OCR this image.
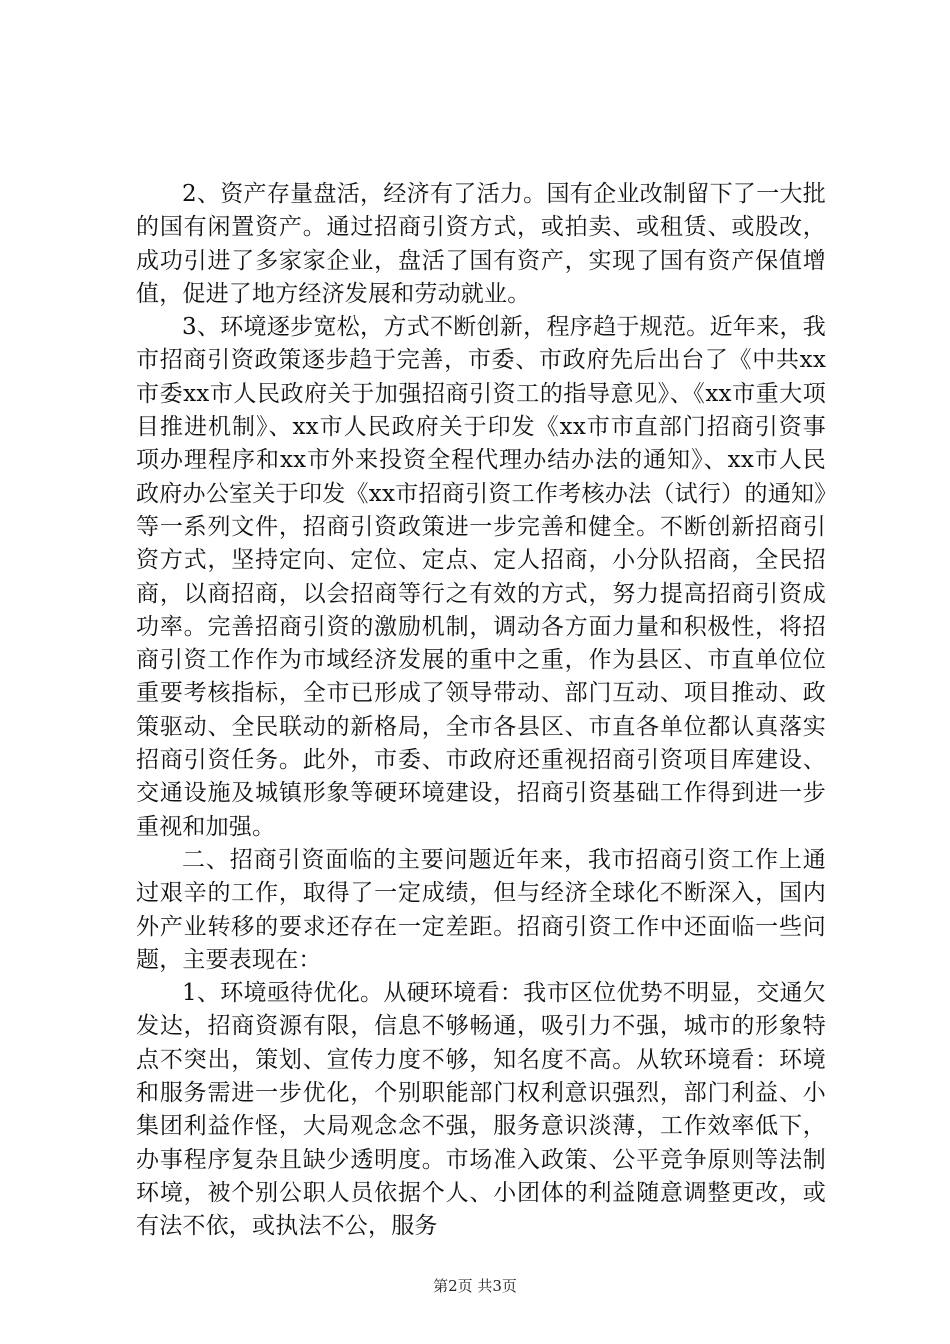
2、资产存量盘活，经济有了活力。国有企业改制留下了一大批的国有闲置资产。通过招商引资方式，或拍卖、或租赁、或股改，成功引进了多家家企业，盘活了国有资产，实现了国有资产保值增值，促进了地方经济发展和劳动就业。

3、环境逐步宽松，方式不断创新，程序趋于规范。近年来，我市招商引资政策逐步趋于完善，市委、市政府先后出台了《中共xx市委xx市人民政府关于加强招商引资工的指导意见》、《xx市重大项目推进机制》、xx市人民政府关于印发《xx市市直部门招商引资事项办理程序和xx市外来投资全程代理办结办法的通知》、xx市人民政府办公室关于印发《xx市招商引资工作考核办法（试行）的通知》等一系列文件，招商引资政策进一步完善和健全。不断创新招商引资方式，坚持定向、定位、定点、定人招商，小分队招商，全民招商，以商招商，以会招商等行之有效的方式，努力提高招商引资成功率。完善招商引资的激励机制，调动各方面力量和积极性，将招商引资工作作为市域经济发展的重中之重，作为县区、市直单位位重要考核指标，全市已形成了领导带动、部门互动、项目推动、政策驱动、全民联动的新格局，全市各县区、市直各单位都认真落实招商引资任务。此外，市委、市政府还重视招商引资项目库建设、交通设施及城镇形象等硬环境建设，招商引资基础工作得到进一步重视和加强。

二、招商引资面临的主要问题近年来，我市招商引资工作上通过艰辛的工作，取得了一定成绩，但与经济全球化不断深入，国内外产业转移的要求还存在一定差距。招商引资工作中还面临一些问题，主要表现在：

1、环境亟待优化。从硬环境看：我市区位优势不明显，交通欠发达，招商资源有限，信息不够畅通，吸引力不强，城市的形象特点不突出，策划、宣传力度不够，知名度不高。从软环境看：环境和服务需进一步优化，个别职能部门权利意识强烈，部门利益、小集团利益作怪，大局观念念不强，服务意识淡薄，工作效率低下，办事程序复杂且缺少透明度。市场准入政策、公平竞争原则等法制环境，被个别公职人员依据个人、小团体的利益随意调整更改，或有法不依，或执法不公，服务

第2页 共3页
